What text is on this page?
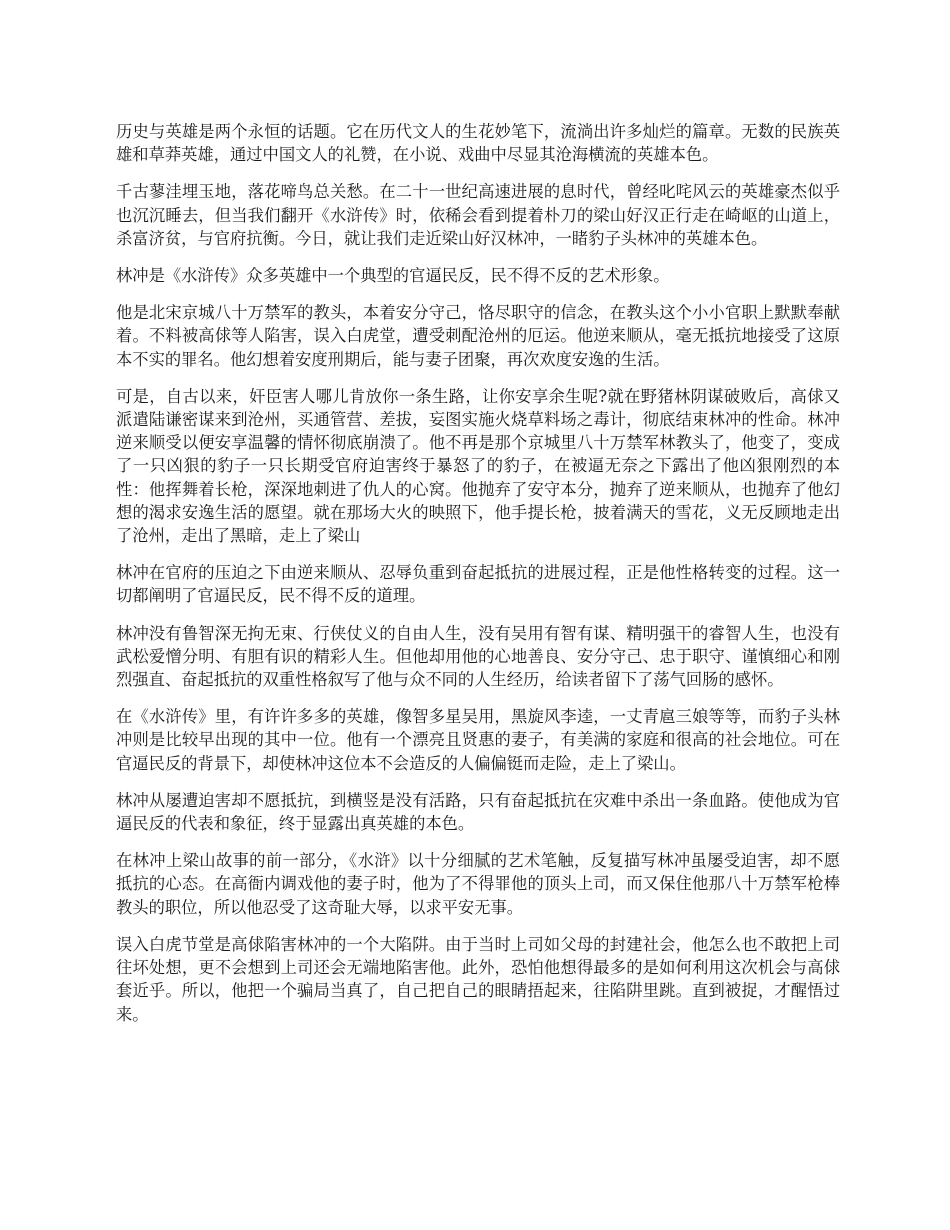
历史与英雄是两个永恒的话题。它在历代文人的生花妙笔下，流淌出许多灿烂的篇章。无数的民族英雄和草莽英雄，通过中国文人的礼赞，在小说、戏曲中尽显其沧海横流的英雄本色。

千古蓼洼埋玉地，落花啼鸟总关愁。在二十一世纪高速进展的息时代，曾经叱咤风云的英雄豪杰似乎也沉沉睡去，但当我们翻开《水浒传》时，依稀会看到提着朴刀的梁山好汉正行走在崎岖的山道上，杀富济贫，与官府抗衡。今日，就让我们走近梁山好汉林冲，一睹豹子头林冲的英雄本色。

林冲是《水浒传》众多英雄中一个典型的官逼民反，民不得不反的艺术形象。

他是北宋京城八十万禁军的教头，本着安分守己，恪尽职守的信念，在教头这个小小官职上默默奉献着。不料被高俅等人陷害，误入白虎堂，遭受刺配沧州的厄运。他逆来顺从，毫无抵抗地接受了这原本不实的罪名。他幻想着安度刑期后，能与妻子团聚，再次欢度安逸的生活。

可是，自古以来，奸臣害人哪儿肯放你一条生路，让你安享余生呢?就在野猪林阴谋破败后，高俅又派遣陆谦密谋来到沧州，买通管营、差拔，妄图实施火烧草料场之毒计，彻底结束林冲的性命。林冲逆来顺受以便安享温馨的情怀彻底崩溃了。他不再是那个京城里八十万禁军林教头了，他变了，变成了一只凶狠的豹子一只长期受官府迫害终于暴怒了的豹子，在被逼无奈之下露出了他凶狠刚烈的本性：他挥舞着长枪，深深地刺进了仇人的心窝。他抛弃了安守本分，抛弃了逆来顺从，也抛弃了他幻想的渴求安逸生活的愿望。就在那场大火的映照下，他手提长枪，披着满天的雪花，义无反顾地走出了沧州，走出了黑暗，走上了梁山

林冲在官府的压迫之下由逆来顺从、忍辱负重到奋起抵抗的进展过程，正是他性格转变的过程。这一切都阐明了官逼民反，民不得不反的道理。

林冲没有鲁智深无拘无束、行侠仗义的自由人生，没有吴用有智有谋、精明强干的睿智人生，也没有武松爱憎分明、有胆有识的精彩人生。但他却用他的心地善良、安分守己、忠于职守、谨慎细心和刚烈强直、奋起抵抗的双重性格叙写了他与众不同的人生经历，给读者留下了荡气回肠的感怀。

在《水浒传》里，有许许多多的英雄，像智多星吴用，黑旋风李逵，一丈青扈三娘等等，而豹子头林冲则是比较早出现的其中一位。他有一个漂亮且贤惠的妻子，有美满的家庭和很高的社会地位。可在官逼民反的背景下，却使林冲这位本不会造反的人偏偏铤而走险，走上了梁山。

林冲从屡遭迫害却不愿抵抗，到横竖是没有活路，只有奋起抵抗在灾难中杀出一条血路。使他成为官逼民反的代表和象征，终于显露出真英雄的本色。

在林冲上梁山故事的前一部分，《水浒》以十分细腻的艺术笔触，反复描写林冲虽屡受迫害，却不愿抵抗的心态。在高衙内调戏他的妻子时，他为了不得罪他的顶头上司，而又保住他那八十万禁军枪棒教头的职位，所以他忍受了这奇耻大辱，以求平安无事。

误入白虎节堂是高俅陷害林冲的一个大陷阱。由于当时上司如父母的封建社会，他怎么也不敢把上司往坏处想，更不会想到上司还会无端地陷害他。此外，恐怕他想得最多的是如何利用这次机会与高俅套近乎。所以，他把一个骗局当真了，自己把自己的眼睛捂起来，往陷阱里跳。直到被捉，才醒悟过来。
